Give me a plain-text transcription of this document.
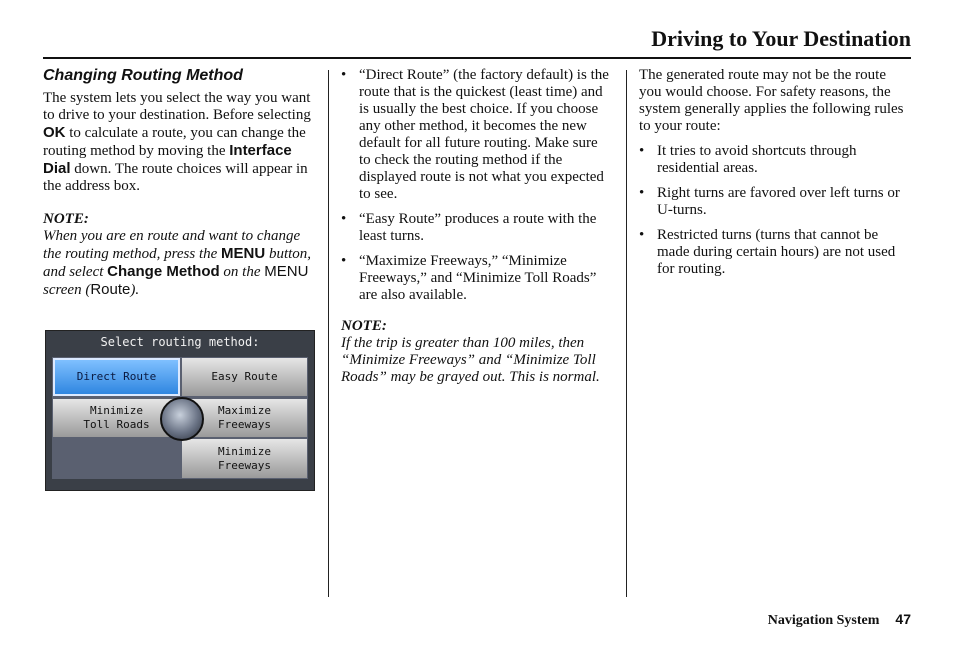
Driving to Your Destination
Changing Routing Method

The system lets you select the way you want to drive to your destination. Before selecting OK to calculate a route, you can change the routing method by moving the Interface Dial down. The route choices will appear in the address box.

NOTE:

When you are en route and want to change the routing method, press the MENU button, and select Change Method on the MENU screen (Route).

Select routing method:
Direct Route	Easy Route
Minimize
Toll Roads
Maximize
Freeways
Minimize
Freeways
• “Direct Route” (the factory default) is the route that is the quickest (least time) and is usually the best choice. If you choose any other method, it becomes the new default for all future routing. Make sure to check the routing method if the displayed route is not what you expected to see.
• “Easy Route” produces a route with the least turns.
• “Maximize Freeways,” “Minimize Freeways,” and “Minimize Toll Roads” are also available.

NOTE:

If the trip is greater than 100 miles, then “Minimize Freeways” and “Minimize Toll Roads” may be grayed out. This is normal.

The generated route may not be the route you would choose. For safety reasons, the system generally applies the following rules to your route:

• It tries to avoid shortcuts through residential areas.
• Right turns are favored over left turns or U-turns.
• Restricted turns (turns that cannot be made during certain hours) are not used for routing.
Navigation System 47
